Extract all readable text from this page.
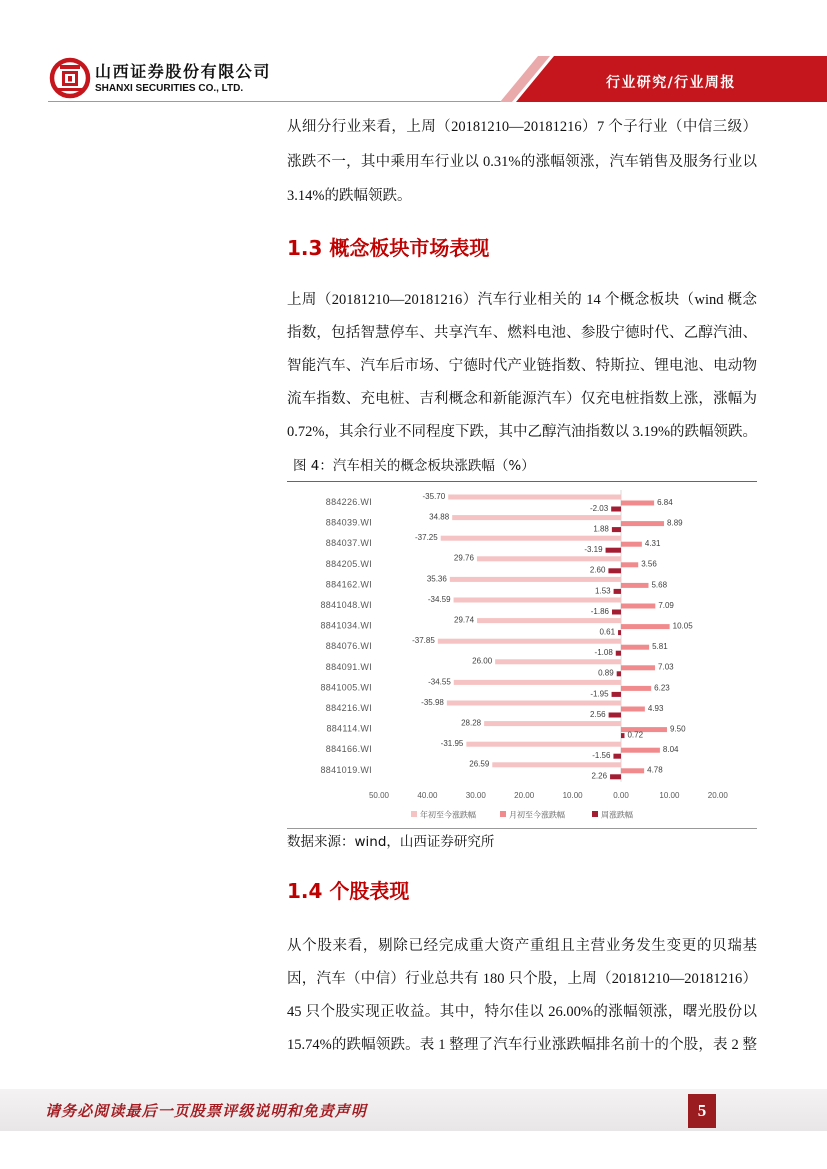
山西证券股份有限公司
SHANXI SECURITIES CO., LTD.	行业研究/行业周报
从细分行业来看，上周（20181210—20181216）7 个子行业（中信三级）
涨跌不一，其中乘用车行业以 0.31%的涨幅领涨，汽车销售及服务行业以
3.14%的跌幅领跌。
1.3 概念板块市场表现
上周（20181210—20181216）汽车行业相关的 14 个概念板块（wind 概念
指数，包括智慧停车、共享汽车、燃料电池、参股宁德时代、乙醇汽油、
智能汽车、汽车后市场、宁德时代产业链指数、特斯拉、锂电池、电动物
流车指数、充电桩、吉利概念和新能源汽车）仅充电桩指数上涨，涨幅为
0.72%，其余行业不同程度下跌，其中乙醇汽油指数以 3.19%的跌幅领跌。
图 4：汽车相关的概念板块涨跌幅（%）
884226.WI
-35.70
6.84
-2.03
884039.WI
34.88
8.89
1.88
884037.WI
-37.25
4.31
-3.19
884205.WI
29.76
3.56
2.60
884162.WI
35.36
5.68
1.53
8841048.WI
-34.59
7.09
-1.86
8841034.WI
29.74
10.05
0.61
884076.WI
-37.85
5.81
-1.08
884091.WI
26.00
7.03
0.89
8841005.WI
-34.55
6.23
-1.95
884216.WI
-35.98
4.93
2.56
884114.WI
28.28
9.50
0.72
884166.WI
-31.95
8.04
-1.56
8841019.WI
26.59
4.78
2.26
50.00	40.00	30.00	20.00	10.00	0.00	10.00	20.00
年初至今涨跌幅	月初至今涨跌幅	周涨跌幅
数据来源：wind，山西证券研究所
1.4 个股表现
从个股来看，剔除已经完成重大资产重组且主营业务发生变更的贝瑞基
因，汽车（中信）行业总共有 180 只个股，上周（20181210—20181216）
45 只个股实现正收益。其中，特尔佳以 26.00%的涨幅领涨，曙光股份以
15.74%的跌幅领跌。表 1 整理了汽车行业涨跌幅排名前十的个股，表 2 整
请务必阅读最后一页股票评级说明和免责声明	5
